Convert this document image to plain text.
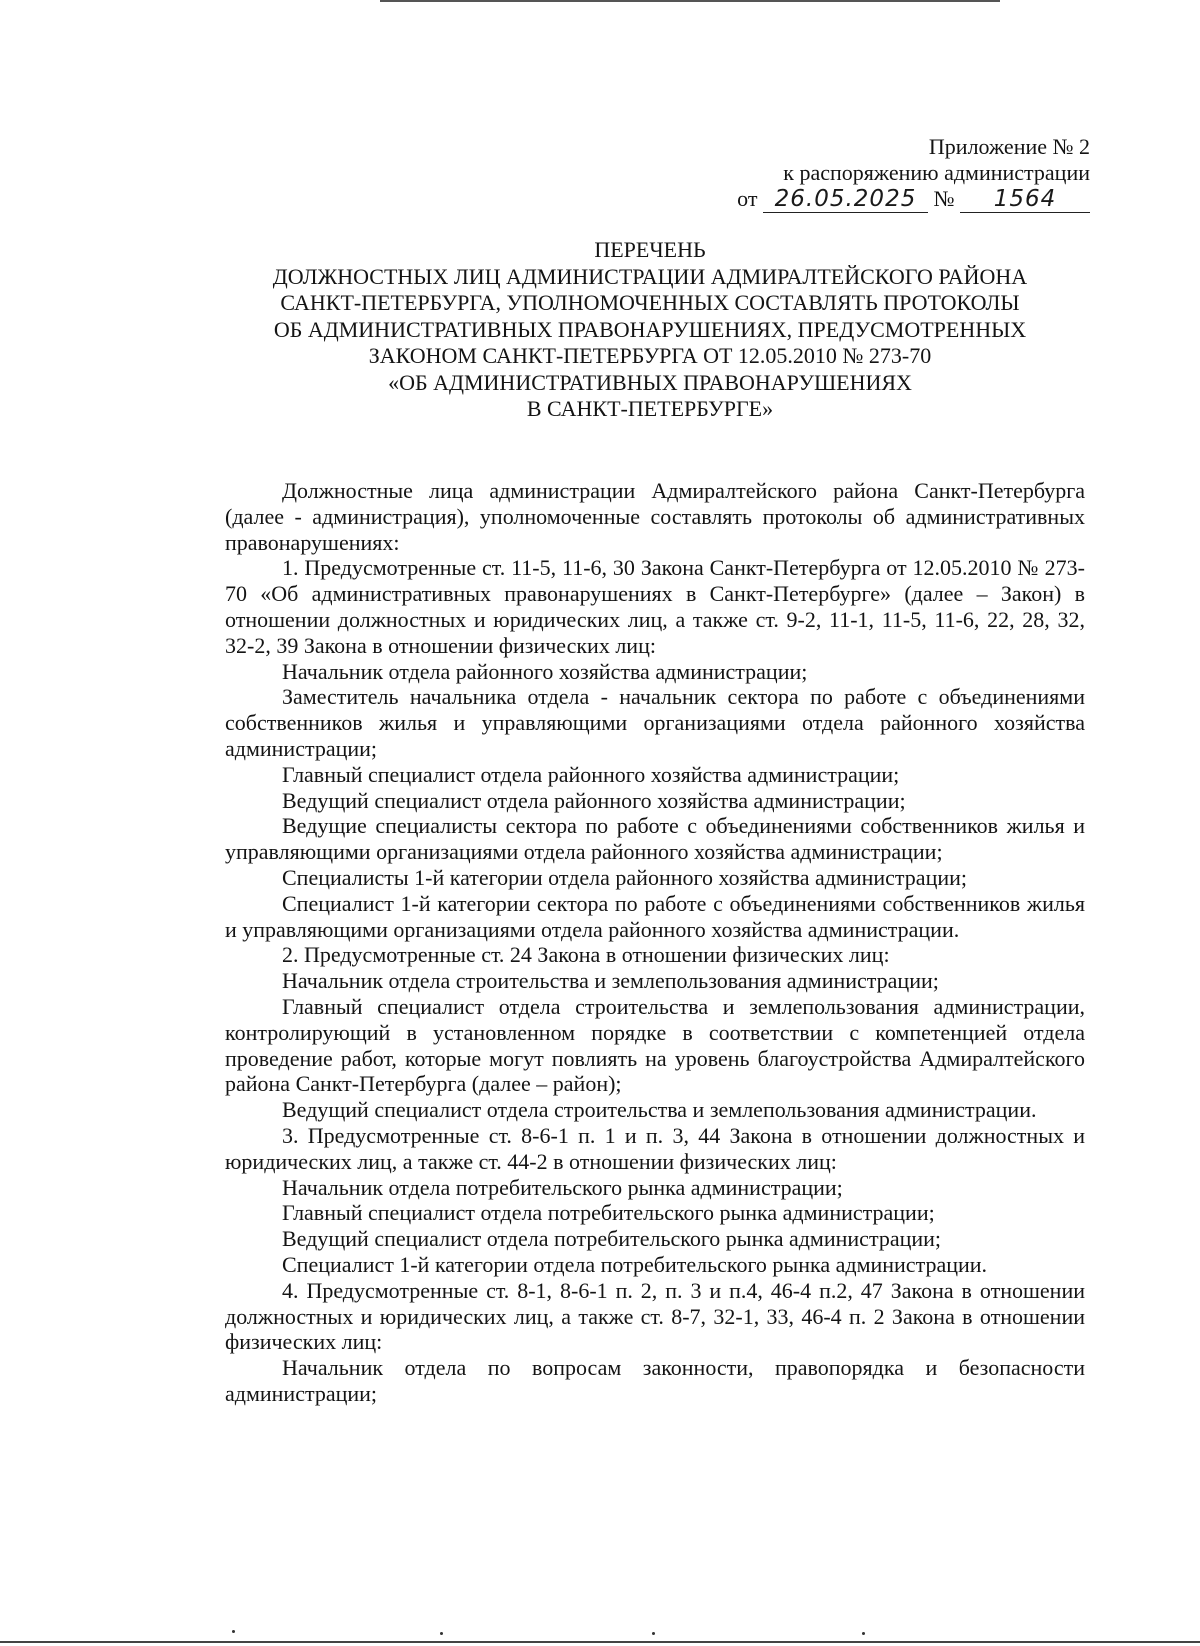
Приложение № 2
к распоряжению администрации
от 26.05.2025 № 1564
ПЕРЕЧЕНЬ
ДОЛЖНОСТНЫХ ЛИЦ АДМИНИСТРАЦИИ АДМИРАЛТЕЙСКОГО РАЙОНА
САНКТ-ПЕТЕРБУРГА, УПОЛНОМОЧЕННЫХ СОСТАВЛЯТЬ ПРОТОКОЛЫ
ОБ АДМИНИСТРАТИВНЫХ ПРАВОНАРУШЕНИЯХ, ПРЕДУСМОТРЕННЫХ
ЗАКОНОМ САНКТ-ПЕТЕРБУРГА ОТ 12.05.2010 № 273-70
«ОБ АДМИНИСТРАТИВНЫХ ПРАВОНАРУШЕНИЯХ
В САНКТ-ПЕТЕРБУРГЕ»

Должностные лица администрации Адмиралтейского района Санкт-Петербурга (далее - администрация), уполномоченные составлять протоколы об административных правонарушениях:

1. Предусмотренные ст. 11-5, 11-6, 30 Закона Санкт-Петербурга от 12.05.2010 № 273-70 «Об административных правонарушениях в Санкт-Петербурге» (далее – Закон) в отношении должностных и юридических лиц, а также ст. 9-2, 11-1, 11-5, 11-6, 22, 28, 32, 32-2, 39 Закона в отношении физических лиц:

Начальник отдела районного хозяйства администрации;

Заместитель начальника отдела - начальник сектора по работе с объединениями собственников жилья и управляющими организациями отдела районного хозяйства администрации;

Главный специалист отдела районного хозяйства администрации;

Ведущий специалист отдела районного хозяйства администрации;

Ведущие специалисты сектора по работе с объединениями собственников жилья и управляющими организациями отдела районного хозяйства администрации;

Специалисты 1-й категории отдела районного хозяйства администрации;

Специалист 1-й категории сектора по работе с объединениями собственников жилья и управляющими организациями отдела районного хозяйства администрации.

2. Предусмотренные ст. 24 Закона в отношении физических лиц:

Начальник отдела строительства и землепользования администрации;

Главный специалист отдела строительства и землепользования администрации, контролирующий в установленном порядке в соответствии с компетенцией отдела проведение работ, которые могут повлиять на уровень благоустройства Адмиралтейского района Санкт-Петербурга (далее – район);

Ведущий специалист отдела строительства и землепользования администрации.

3. Предусмотренные ст. 8-6-1 п. 1 и п. 3, 44 Закона в отношении должностных и юридических лиц, а также ст. 44-2 в отношении физических лиц:

Начальник отдела потребительского рынка администрации;

Главный специалист отдела потребительского рынка администрации;

Ведущий специалист отдела потребительского рынка администрации;

Специалист 1-й категории отдела потребительского рынка администрации.

4. Предусмотренные ст. 8-1, 8-6-1 п. 2, п. 3 и п.4, 46-4 п.2, 47 Закона в отношении должностных и юридических лиц, а также ст. 8-7, 32-1, 33, 46-4 п. 2 Закона в отношении физических лиц:

Начальник отдела по вопросам законности, правопорядка и безопасности администрации;
